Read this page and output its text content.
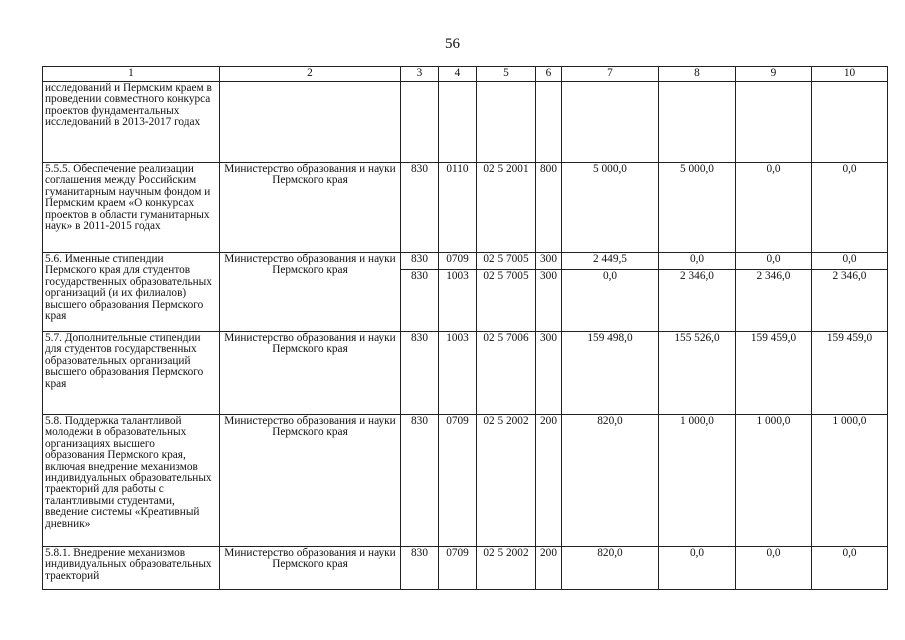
56
1	2	3	4	5	6	7	8	9	10
исследований и Пермским краем в проведении совместного конкурса проектов фундаментальных исследований в 2013-2017 годах									
5.5.5. Обеспечение реализации соглашения между Российским гуманитарным научным фондом и Пермским краем «О конкурсах проектов в области гуманитарных наук» в 2011-2015 годах	Министерство образования и науки Пермского края	830	0110	02 5 2001	800	5 000,0	5 000,0	0,0	0,0
5.6. Именные стипендии Пермского края для студентов государственных образовательных организаций (и их филиалов) высшего образования Пермского края	Министерство образования и науки Пермского края	830	0709	02 5 7005	300	2 449,5	0,0	0,0	0,0
		830	1003	02 5 7005	300	0,0	2 346,0	2 346,0	2 346,0
5.7. Дополнительные стипендии для студентов государственных образовательных организаций высшего образования Пермского края	Министерство образования и науки Пермского края	830	1003	02 5 7006	300	159 498,0	155 526,0	159 459,0	159 459,0
5.8. Поддержка талантливой молодежи в образовательных организациях высшего образования Пермского края, включая внедрение механизмов индивидуальных образовательных траекторий для работы с талантливыми студентами, введение системы «Креативный дневник»	Министерство образования и науки Пермского края	830	0709	02 5 2002	200	820,0	1 000,0	1 000,0	1 000,0
5.8.1. Внедрение механизмов индивидуальных образовательных траекторий	Министерство образования и науки Пермского края	830	0709	02 5 2002	200	820,0	0,0	0,0	0,0
